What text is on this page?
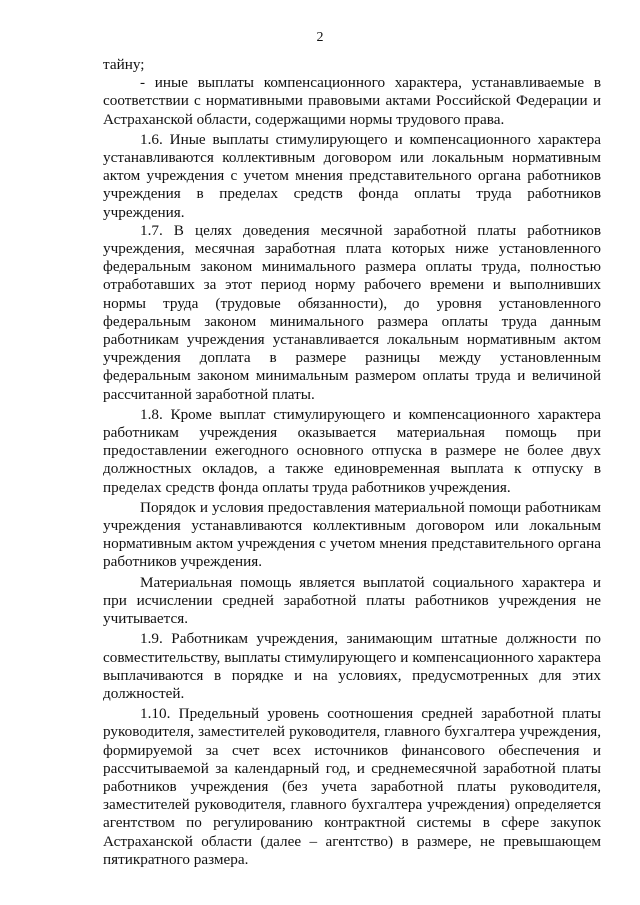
2

тайну;

- иные выплаты компенсационного характера, устанавливаемые в соответствии с нормативными правовыми актами Российской Федерации и Астраханской области, содержащими нормы трудового права.

1.6. Иные выплаты стимулирующего и компенсационного характера устанавливаются коллективным договором или локальным нормативным актом учреждения с учетом мнения представительного органа работников учреждения в пределах средств фонда оплаты труда работников учреждения.

1.7. В целях доведения месячной заработной платы работников учреждения, месячная заработная плата которых ниже установленного федеральным законом минимального размера оплаты труда, полностью отработавших за этот период норму рабочего времени и выполнивших нормы труда (трудовые обязанности), до уровня установленного федеральным законом минимального размера оплаты труда данным работникам учреждения устанавливается локальным нормативным актом учреждения доплата в размере разницы между установленным федеральным законом минимальным размером оплаты труда и величиной рассчитанной заработной платы.

1.8. Кроме выплат стимулирующего и компенсационного характера работникам учреждения оказывается материальная помощь при предоставлении ежегодного основного отпуска в размере не более двух должностных окладов, а также единовременная выплата к отпуску в пределах средств фонда оплаты труда работников учреждения.

Порядок и условия предоставления материальной помощи работникам учреждения устанавливаются коллективным договором или локальным нормативным актом учреждения с учетом мнения представительного органа работников учреждения.

Материальная помощь является выплатой социального характера и при исчислении средней заработной платы работников учреждения не учитывается.

1.9. Работникам учреждения, занимающим штатные должности по совместительству, выплаты стимулирующего и компенсационного характера выплачиваются в порядке и на условиях, предусмотренных для этих должностей.

1.10. Предельный уровень соотношения средней заработной платы руководителя, заместителей руководителя, главного бухгалтера учреждения, формируемой за счет всех источников финансового обеспечения и рассчитываемой за календарный год, и среднемесячной заработной платы работников учреждения (без учета заработной платы руководителя, заместителей руководителя, главного бухгалтера учреждения) определяется агентством по регулированию контрактной системы в сфере закупок Астраханской области (далее – агентство) в размере, не превышающем пятикратного размера.
